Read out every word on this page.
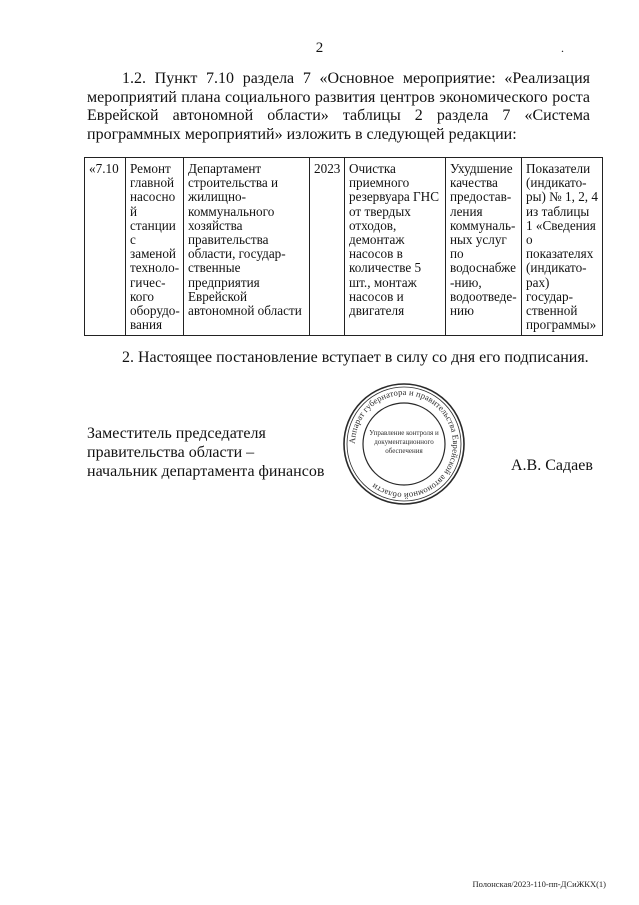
2	.
1.2. Пункт 7.10 раздела 7 «Основное мероприятие: «Реализация мероприятий плана социального развития центров экономического роста Еврейской автономной области» таблицы 2 раздела 7 «Система программных мероприятий» изложить в следующей редакции:
«7.10	Ремонт главной насосной станции с заменой техноло-гичес-кого оборудо-вания	Департамент строительства и жилищно-коммунального хозяйства правительства области, государ-ственные предприятия Еврейской автономной области	2023	Очистка приемного резервуара ГНС от твердых отходов, демонтаж насосов в количестве 5 шт., монтаж насосов и двигателя	Ухудшение качества предостав-ления коммуналь-ных услуг по водоснабже-нию, водоотведе-нию	Показатели (индикато-ры) № 1, 2, 4 из таблицы 1 «Сведения о показателях (индикато-рах) государ-ственной программы»
2. Настоящее постановление вступает в силу со дня его подписания.
Заместитель председателя
правительства области –
начальник департамента финансов
Аппарат губернатора и правительства Еврейской автономной области
Управление контроля и
документационного
обеспечения
А.В. Садаев
Полонская/2023-110-пп-ДСиЖКХ(1)
